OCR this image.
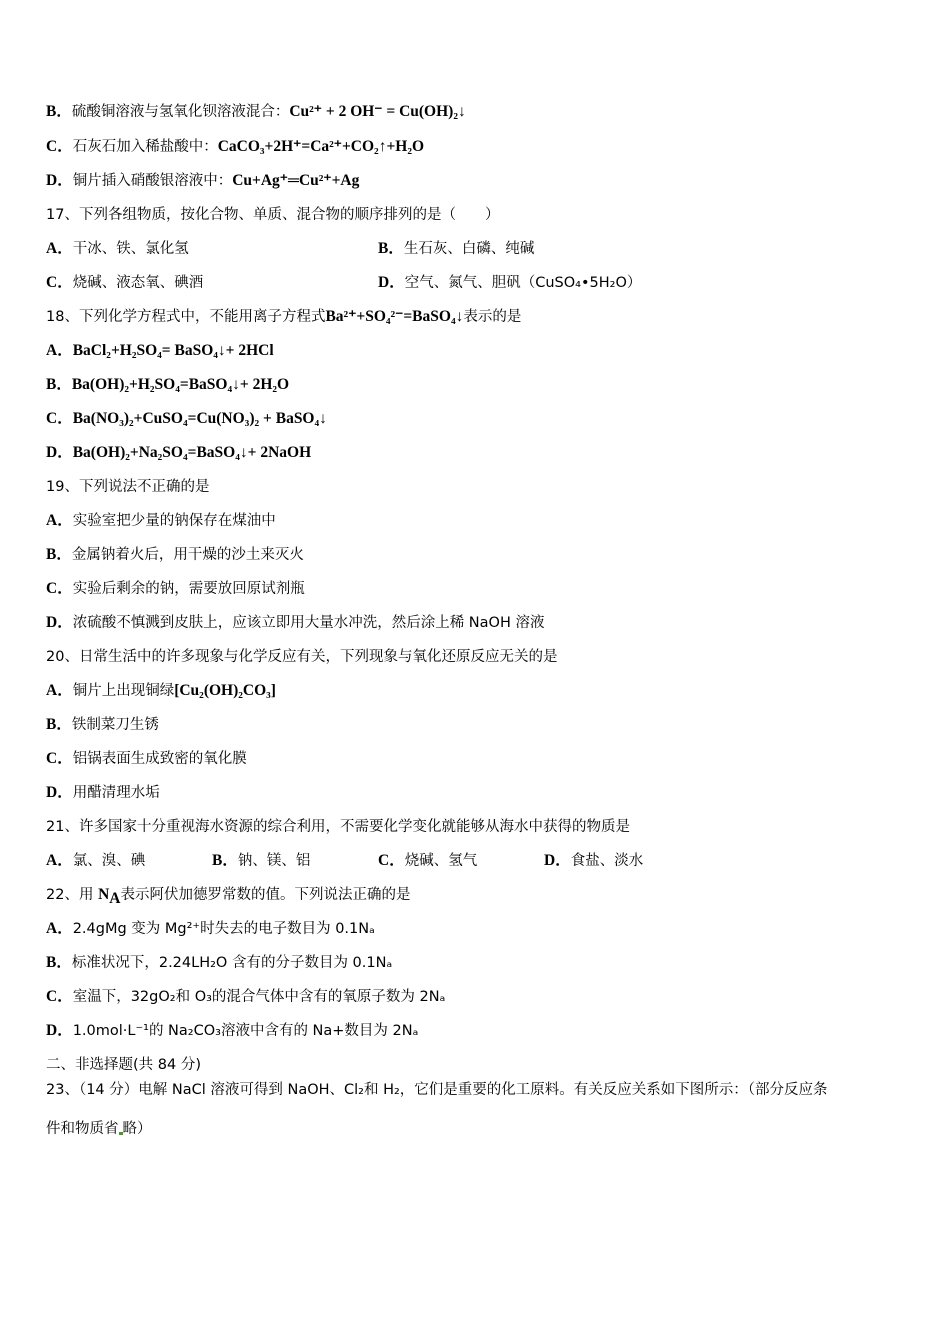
B．硫酸铜溶液与氢氧化钡溶液混合：Cu²⁺ + 2 OH⁻ = Cu(OH)₂↓
C．石灰石加入稀盐酸中：CaCO₃+2H⁺=Ca²⁺+CO₂↑+H₂O
D．铜片插入硝酸银溶液中：Cu+Ag⁺═Cu²⁺+Ag
17、下列各组物质，按化合物、单质、混合物的顺序排列的是（　　）
A．干冰、铁、氯化氢	B．生石灰、白磷、纯碱
C．烧碱、液态氧、碘酒	D．空气、氮气、胆矾（CuSO₄•5H₂O）
18、下列化学方程式中，不能用离子方程式Ba²⁺+SO₄²⁻=BaSO₄↓表示的是
A．BaCl₂+H₂SO₄= BaSO₄↓+ 2HCl
B．Ba(OH)₂+H₂SO₄=BaSO₄↓+ 2H₂O
C．Ba(NO₃)₂+CuSO₄=Cu(NO₃)₂ + BaSO₄↓
D．Ba(OH)₂+Na₂SO₄=BaSO₄↓+ 2NaOH
19、下列说法不正确的是
A．实验室把少量的钠保存在煤油中
B．金属钠着火后，用干燥的沙土来灭火
C．实验后剩余的钠，需要放回原试剂瓶
D．浓硫酸不慎溅到皮肤上，应该立即用大量水冲洗，然后涂上稀 NaOH 溶液
20、日常生活中的许多现象与化学反应有关，下列现象与氧化还原反应无关的是
A．铜片上出现铜绿[Cu₂(OH)₂CO₃]
B．铁制菜刀生锈
C．铝锅表面生成致密的氧化膜
D．用醋清理水垢
21、许多国家十分重视海水资源的综合利用，不需要化学变化就能够从海水中获得的物质是
A．氯、溴、碘	B．钠、镁、铝	C．烧碱、氢气	D．食盐、淡水
22、用 $N_A$表示阿伏加德罗常数的值。下列说法正确的是
A．2.4gMg 变为 Mg²⁺时失去的电子数目为 0.1Nₐ
B．标准状况下，2.24LH₂O 含有的分子数目为 0.1Nₐ
C．室温下，32gO₂和 O₃的混合气体中含有的氧原子数为 2Nₐ
D．1.0mol·L⁻¹的 Na₂CO₃溶液中含有的 Na+数目为 2Nₐ
二、非选择题(共 84 分)
23、（14 分）电解 NaCl 溶液可得到 NaOH、Cl₂和 H₂，它们是重要的化工原料。有关反应关系如下图所示：（部分反应条
件和物质省 略）
